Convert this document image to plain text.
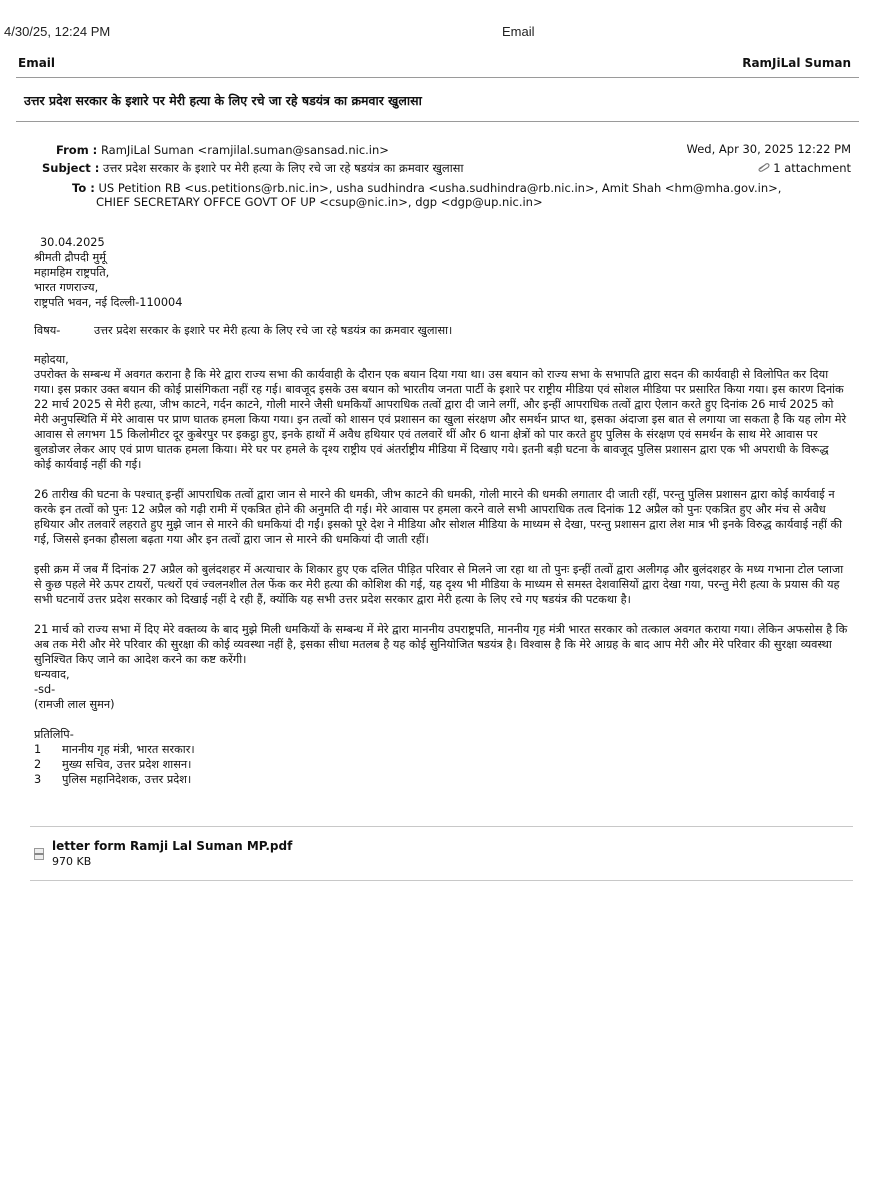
4/30/25, 12:24 PM	Email
Email	RamJiLal Suman
उत्तर प्रदेश सरकार के इशारे पर मेरी हत्या के लिए रचे जा रहे षडयंत्र का क्रमवार खुलासा
From : RamJiLal Suman <ramjilal.suman@sansad.nic.in>
Subject : उत्तर प्रदेश सरकार के इशारे पर मेरी हत्या के लिए रचे जा रहे षडयंत्र का क्रमवार खुलासा
To : US Petition RB <us.petitions@rb.nic.in>, usha sudhindra <usha.sudhindra@rb.nic.in>, Amit Shah <hm@mha.gov.in>,
CHIEF SECRETARY OFFCE GOVT OF UP <csup@nic.in>, dgp <dgp@up.nic.in>
Wed, Apr 30, 2025 12:22 PM
1 attachment

30.04.2025

श्रीमती द्रौपदी मुर्मू

महामहिम राष्ट्रपति,

भारत गणराज्य,

राष्ट्रपति भवन, नई दिल्ली-110004

विषय-	उत्तर प्रदेश सरकार के इशारे पर मेरी हत्या के लिए रचे जा रहे षडयंत्र का क्रमवार खुलासा।

महोदया,

उपरोक्त के सम्बन्ध में अवगत कराना है कि मेरे द्वारा राज्य सभा की कार्यवाही के दौरान एक बयान दिया गया था। उस बयान को राज्य सभा के सभापति द्वारा सदन की कार्यवाही से विलोपित कर दिया गया। इस प्रकार उक्त बयान की कोई प्रासंगिकता नहीं रह गई। बावजूद इसके उस बयान को भारतीय जनता पार्टी के इशारे पर राष्ट्रीय मीडिया एवं सोशल मीडिया पर प्रसारित किया गया। इस कारण दिनांक 22 मार्च 2025 से मेरी हत्या, जीभ काटने, गर्दन काटने, गोली मारने जैसी धमकियाँ आपराधिक तत्वों द्वारा दी जाने लगीं, और इन्हीं आपराधिक तत्वों द्वारा ऐलान करते हुए दिनांक 26 मार्च 2025 को मेरी अनुपस्थिति में मेरे आवास पर प्राण घातक हमला किया गया। इन तत्वों को शासन एवं प्रशासन का खुला संरक्षण और समर्थन प्राप्त था, इसका अंदाजा इस बात से लगाया जा सकता है कि यह लोग मेरे आवास से लगभग 15 किलोमीटर दूर कुबेरपुर पर इकट्ठा हुए, इनके हाथों में अवैध हथियार एवं तलवारें थीं और 6 थाना क्षेत्रों को पार करते हुए पुलिस के संरक्षण एवं समर्थन के साथ मेरे आवास पर बुलडोजर लेकर आए एवं प्राण घातक हमला किया। मेरे घर पर हमले के दृश्य राष्ट्रीय एवं अंतर्राष्ट्रीय मीडिया में दिखाए गये। इतनी बड़ी घटना के बावजूद पुलिस प्रशासन द्वारा एक भी अपराधी के विरूद्ध कोई कार्यवाई नहीं की गई।

26 तारीख की घटना के पश्चात् इन्हीं आपराधिक तत्वों द्वारा जान से मारने की धमकी, जीभ काटने की धमकी, गोली मारने की धमकी लगातार दी जाती रहीं, परन्तु पुलिस प्रशासन द्वारा कोई कार्यवाई न करके इन तत्वों को पुनः 12 अप्रैल को गढ़ी रामी में एकत्रित होने की अनुमति दी गई। मेरे आवास पर हमला करने वाले सभी आपराधिक तत्व दिनांक 12 अप्रैल को पुनः एकत्रित हुए और मंच से अवैध हथियार और तलवारें लहराते हुए मुझे जान से मारने की धमकियां दी गईं। इसको पूरे देश ने मीडिया और सोशल मीडिया के माध्यम से देखा, परन्तु प्रशासन द्वारा लेश मात्र भी इनके विरुद्ध कार्यवाई नहीं की गई, जिससे इनका हौसला बढ़ता गया और इन तत्वों द्वारा जान से मारने की धमकियां दी जाती रहीं।

इसी क्रम में जब मैं दिनांक 27 अप्रैल को बुलंदशहर में अत्याचार के शिकार हुए एक दलित पीड़ित परिवार से मिलने जा रहा था तो पुनः इन्हीं तत्वों द्वारा अलीगढ़ और बुलंदशहर के मध्य गभाना टोल प्लाजा से कुछ पहले मेरे ऊपर टायरों, पत्थरों एवं ज्वलनशील तेल फेंक कर मेरी हत्या की कोशिश की गई, यह दृश्य भी मीडिया के माध्यम से समस्त देशवासियों द्वारा देखा गया, परन्तु मेरी हत्या के प्रयास की यह सभी घटनायें उत्तर प्रदेश सरकार को दिखाई नहीं दे रही हैं, क्योंकि यह सभी उत्तर प्रदेश सरकार द्वारा मेरी हत्या के लिए रचे गए षडयंत्र की पटकथा है।

21 मार्च को राज्य सभा में दिए मेरे वक्तव्य के बाद मुझे मिली धमकियों के सम्बन्ध में मेरे द्वारा माननीय उपराष्ट्रपति, माननीय गृह मंत्री भारत सरकार को तत्काल अवगत कराया गया। लेकिन अफसोस है कि अब तक मेरी और मेरे परिवार की सुरक्षा की कोई व्यवस्था नहीं है, इसका सीधा मतलब है यह कोई सुनियोजित षडयंत्र है। विश्वास है कि मेरे आग्रह के बाद आप मेरी और मेरे परिवार की सुरक्षा व्यवस्था सुनिश्चित किए जाने का आदेश करने का कष्ट करेंगी।

धन्यवाद,

-sd-

(रामजी लाल सुमन)

प्रतिलिपि-

1 माननीय गृह मंत्री, भारत सरकार।
2 मुख्य सचिव, उत्तर प्रदेश शासन।
3 पुलिस महानिदेशक, उत्तर प्रदेश।
letter form Ramji Lal Suman MP.pdf
970 KB
